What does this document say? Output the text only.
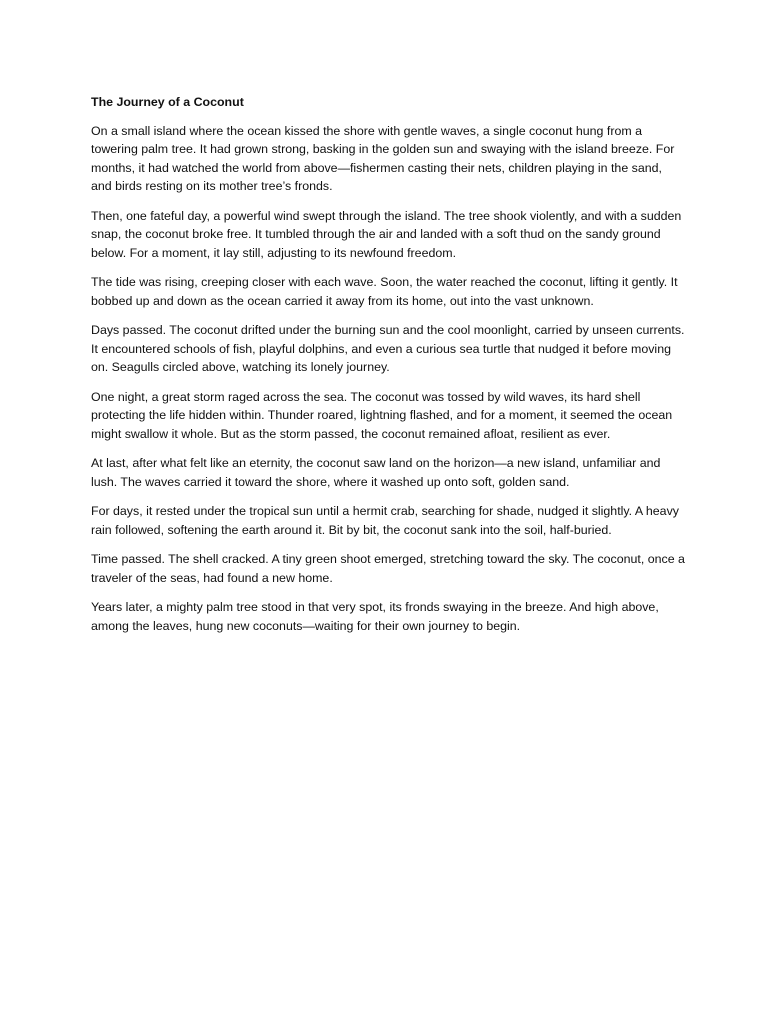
The Journey of a Coconut

On a small island where the ocean kissed the shore with gentle waves, a single coconut hung from a towering palm tree. It had grown strong, basking in the golden sun and swaying with the island breeze. For months, it had watched the world from above—fishermen casting their nets, children playing in the sand, and birds resting on its mother tree’s fronds.

Then, one fateful day, a powerful wind swept through the island. The tree shook violently, and with a sudden snap, the coconut broke free. It tumbled through the air and landed with a soft thud on the sandy ground below. For a moment, it lay still, adjusting to its newfound freedom.

The tide was rising, creeping closer with each wave. Soon, the water reached the coconut, lifting it gently. It bobbed up and down as the ocean carried it away from its home, out into the vast unknown.

Days passed. The coconut drifted under the burning sun and the cool moonlight, carried by unseen currents. It encountered schools of fish, playful dolphins, and even a curious sea turtle that nudged it before moving on. Seagulls circled above, watching its lonely journey.

One night, a great storm raged across the sea. The coconut was tossed by wild waves, its hard shell protecting the life hidden within. Thunder roared, lightning flashed, and for a moment, it seemed the ocean might swallow it whole. But as the storm passed, the coconut remained afloat, resilient as ever.

At last, after what felt like an eternity, the coconut saw land on the horizon—a new island, unfamiliar and lush. The waves carried it toward the shore, where it washed up onto soft, golden sand.

For days, it rested under the tropical sun until a hermit crab, searching for shade, nudged it slightly. A heavy rain followed, softening the earth around it. Bit by bit, the coconut sank into the soil, half-buried.

Time passed. The shell cracked. A tiny green shoot emerged, stretching toward the sky. The coconut, once a traveler of the seas, had found a new home.

Years later, a mighty palm tree stood in that very spot, its fronds swaying in the breeze. And high above, among the leaves, hung new coconuts—waiting for their own journey to begin.
